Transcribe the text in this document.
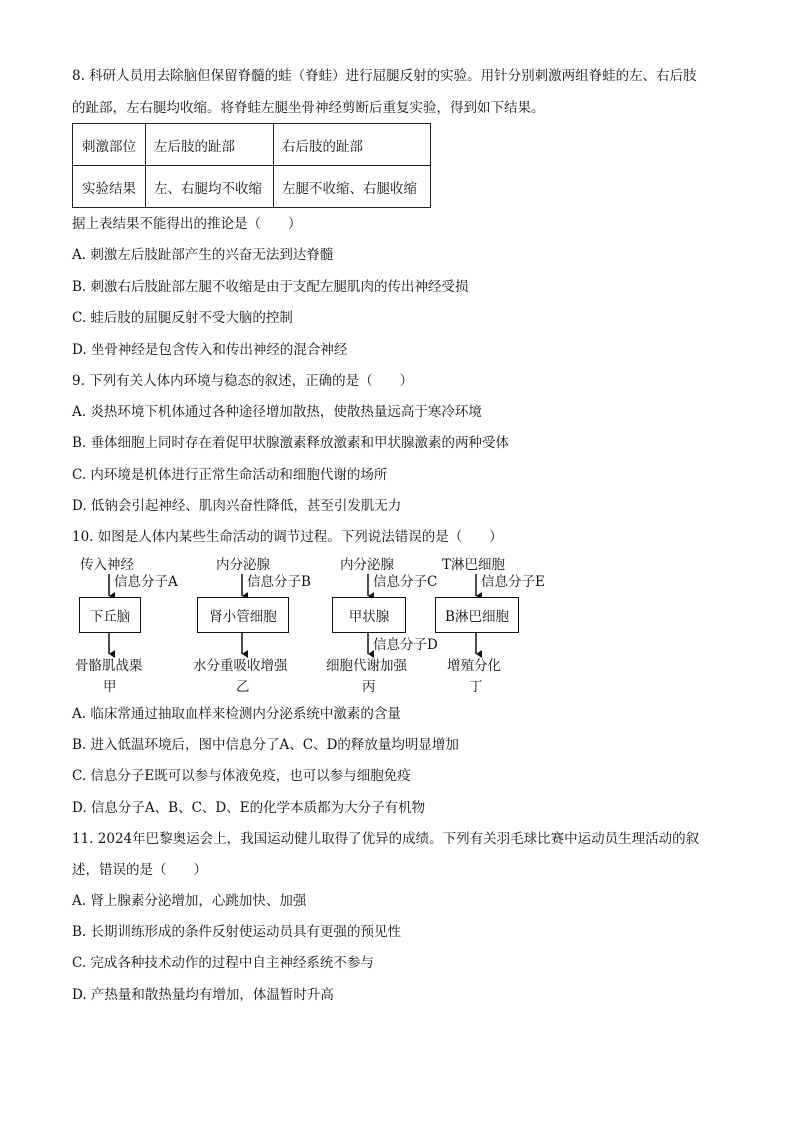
8. 科研人员用去除脑但保留脊髓的蛙（脊蛙）进行屈腿反射的实验。用针分别刺激两组脊蛙的左、右后肢
的趾部，左右腿均收缩。将脊蛙左腿坐骨神经剪断后重复实验，得到如下结果。
刺激部位	左后肢的趾部	右后肢的趾部
实验结果	左、右腿均不收缩	左腿不收缩、右腿收缩
据上表结果不能得出的推论是（　　）
A. 刺激左后肢趾部产生的兴奋无法到达脊髓
B. 刺激右后肢趾部左腿不收缩是由于支配左腿肌肉的传出神经受损
C. 蛙后肢的屈腿反射不受大脑的控制
D. 坐骨神经是包含传入和传出神经的混合神经
9. 下列有关人体内环境与稳态的叙述，正确的是（　　）
A. 炎热环境下机体通过各种途径增加散热，使散热量远高于寒冷环境
B. 垂体细胞上同时存在着促甲状腺激素释放激素和甲状腺激素的两种受体
C. 内环境是机体进行正常生命活动和细胞代谢的场所
D. 低钠会引起神经、肌肉兴奋性降低，甚至引发肌无力
10. 如图是人体内某些生命活动的调节过程。下列说法错误的是（　　）
传入神经	内分泌腺	内分泌腺	T淋巴细胞
信息分子A	信息分子B	信息分子C	信息分子E
下丘脑	肾小管细胞	甲状腺	B淋巴细胞
信息分子D
骨骼肌战栗	水分重吸收增强	细胞代谢加强	增殖分化
甲	乙	丙	丁
A. 临床常通过抽取血样来检测内分泌系统中激素的含量
B. 进入低温环境后，图中信息分了A、C、D的释放量均明显增加
C. 信息分子E既可以参与体液免疫，也可以参与细胞免疫
D. 信息分子A、B、C、D、E的化学本质都为大分子有机物
11. 2024年巴黎奥运会上，我国运动健儿取得了优异的成绩。下列有关羽毛球比赛中运动员生理活动的叙
述，错误的是（　　）
A. 肾上腺素分泌增加，心跳加快、加强
B. 长期训练形成的条件反射使运动员具有更强的预见性
C. 完成各种技术动作的过程中自主神经系统不参与
D. 产热量和散热量均有增加，体温暂时升高
